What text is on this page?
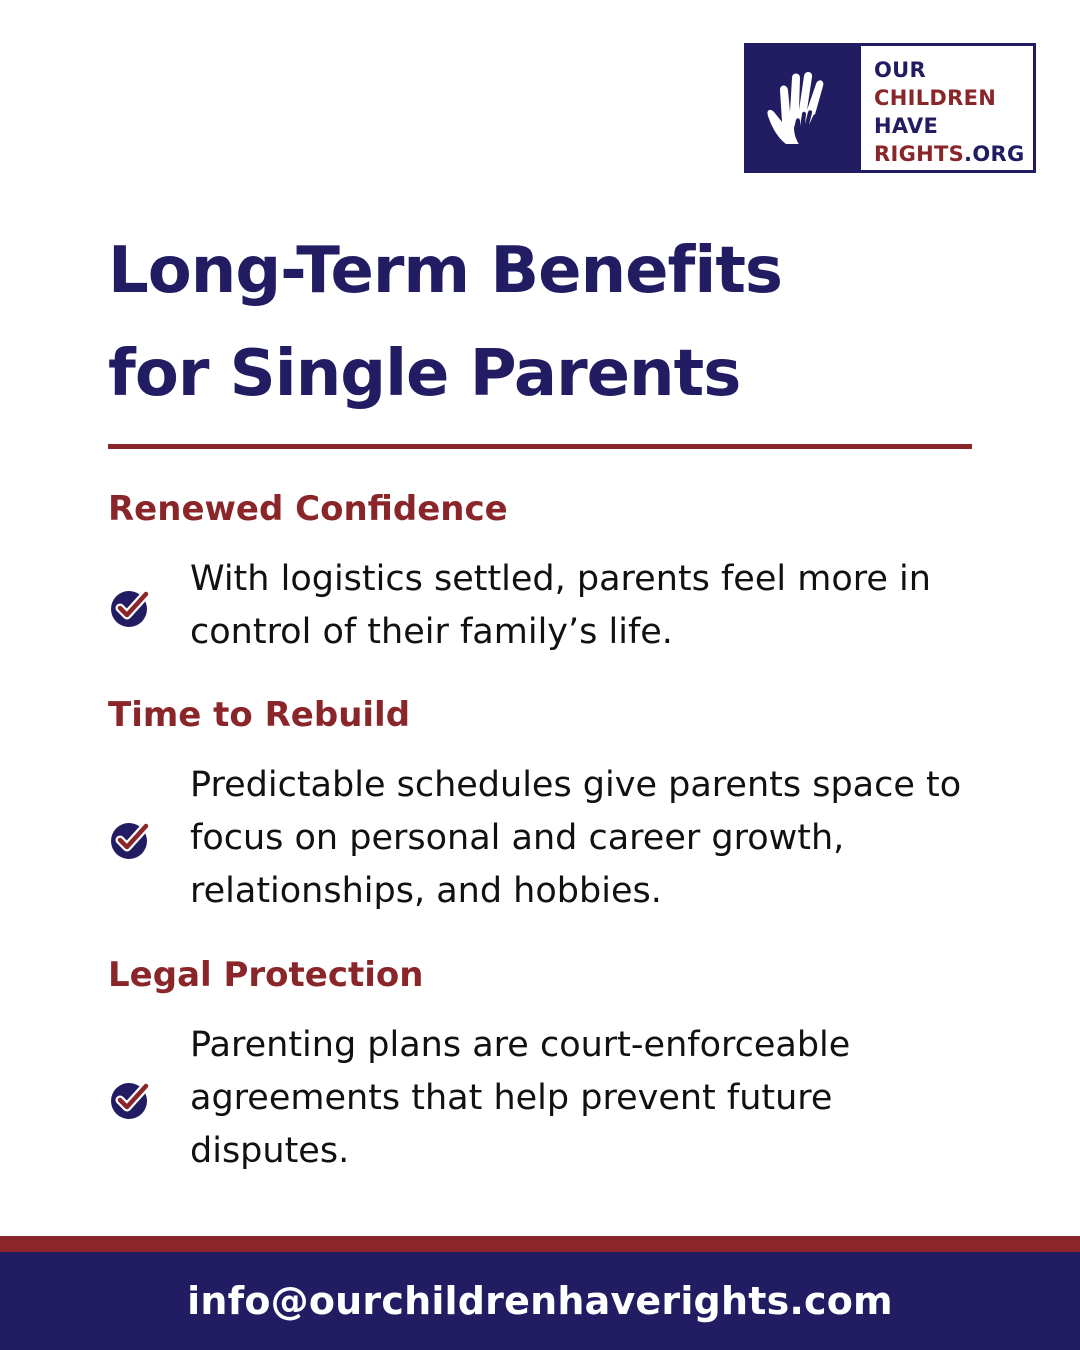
OUR
CHILDREN
HAVE
RIGHTS.ORG
Long-Term Benefits
for Single Parents
Renewed Confidence
With logistics settled, parents feel more in control of their family’s life.
Time to Rebuild
Predictable schedules give parents space to focus on personal and career growth, relationships, and hobbies.
Legal Protection
Parenting plans are court-enforceable agreements that help prevent future disputes.
info@ourchildrenhaverights.com
